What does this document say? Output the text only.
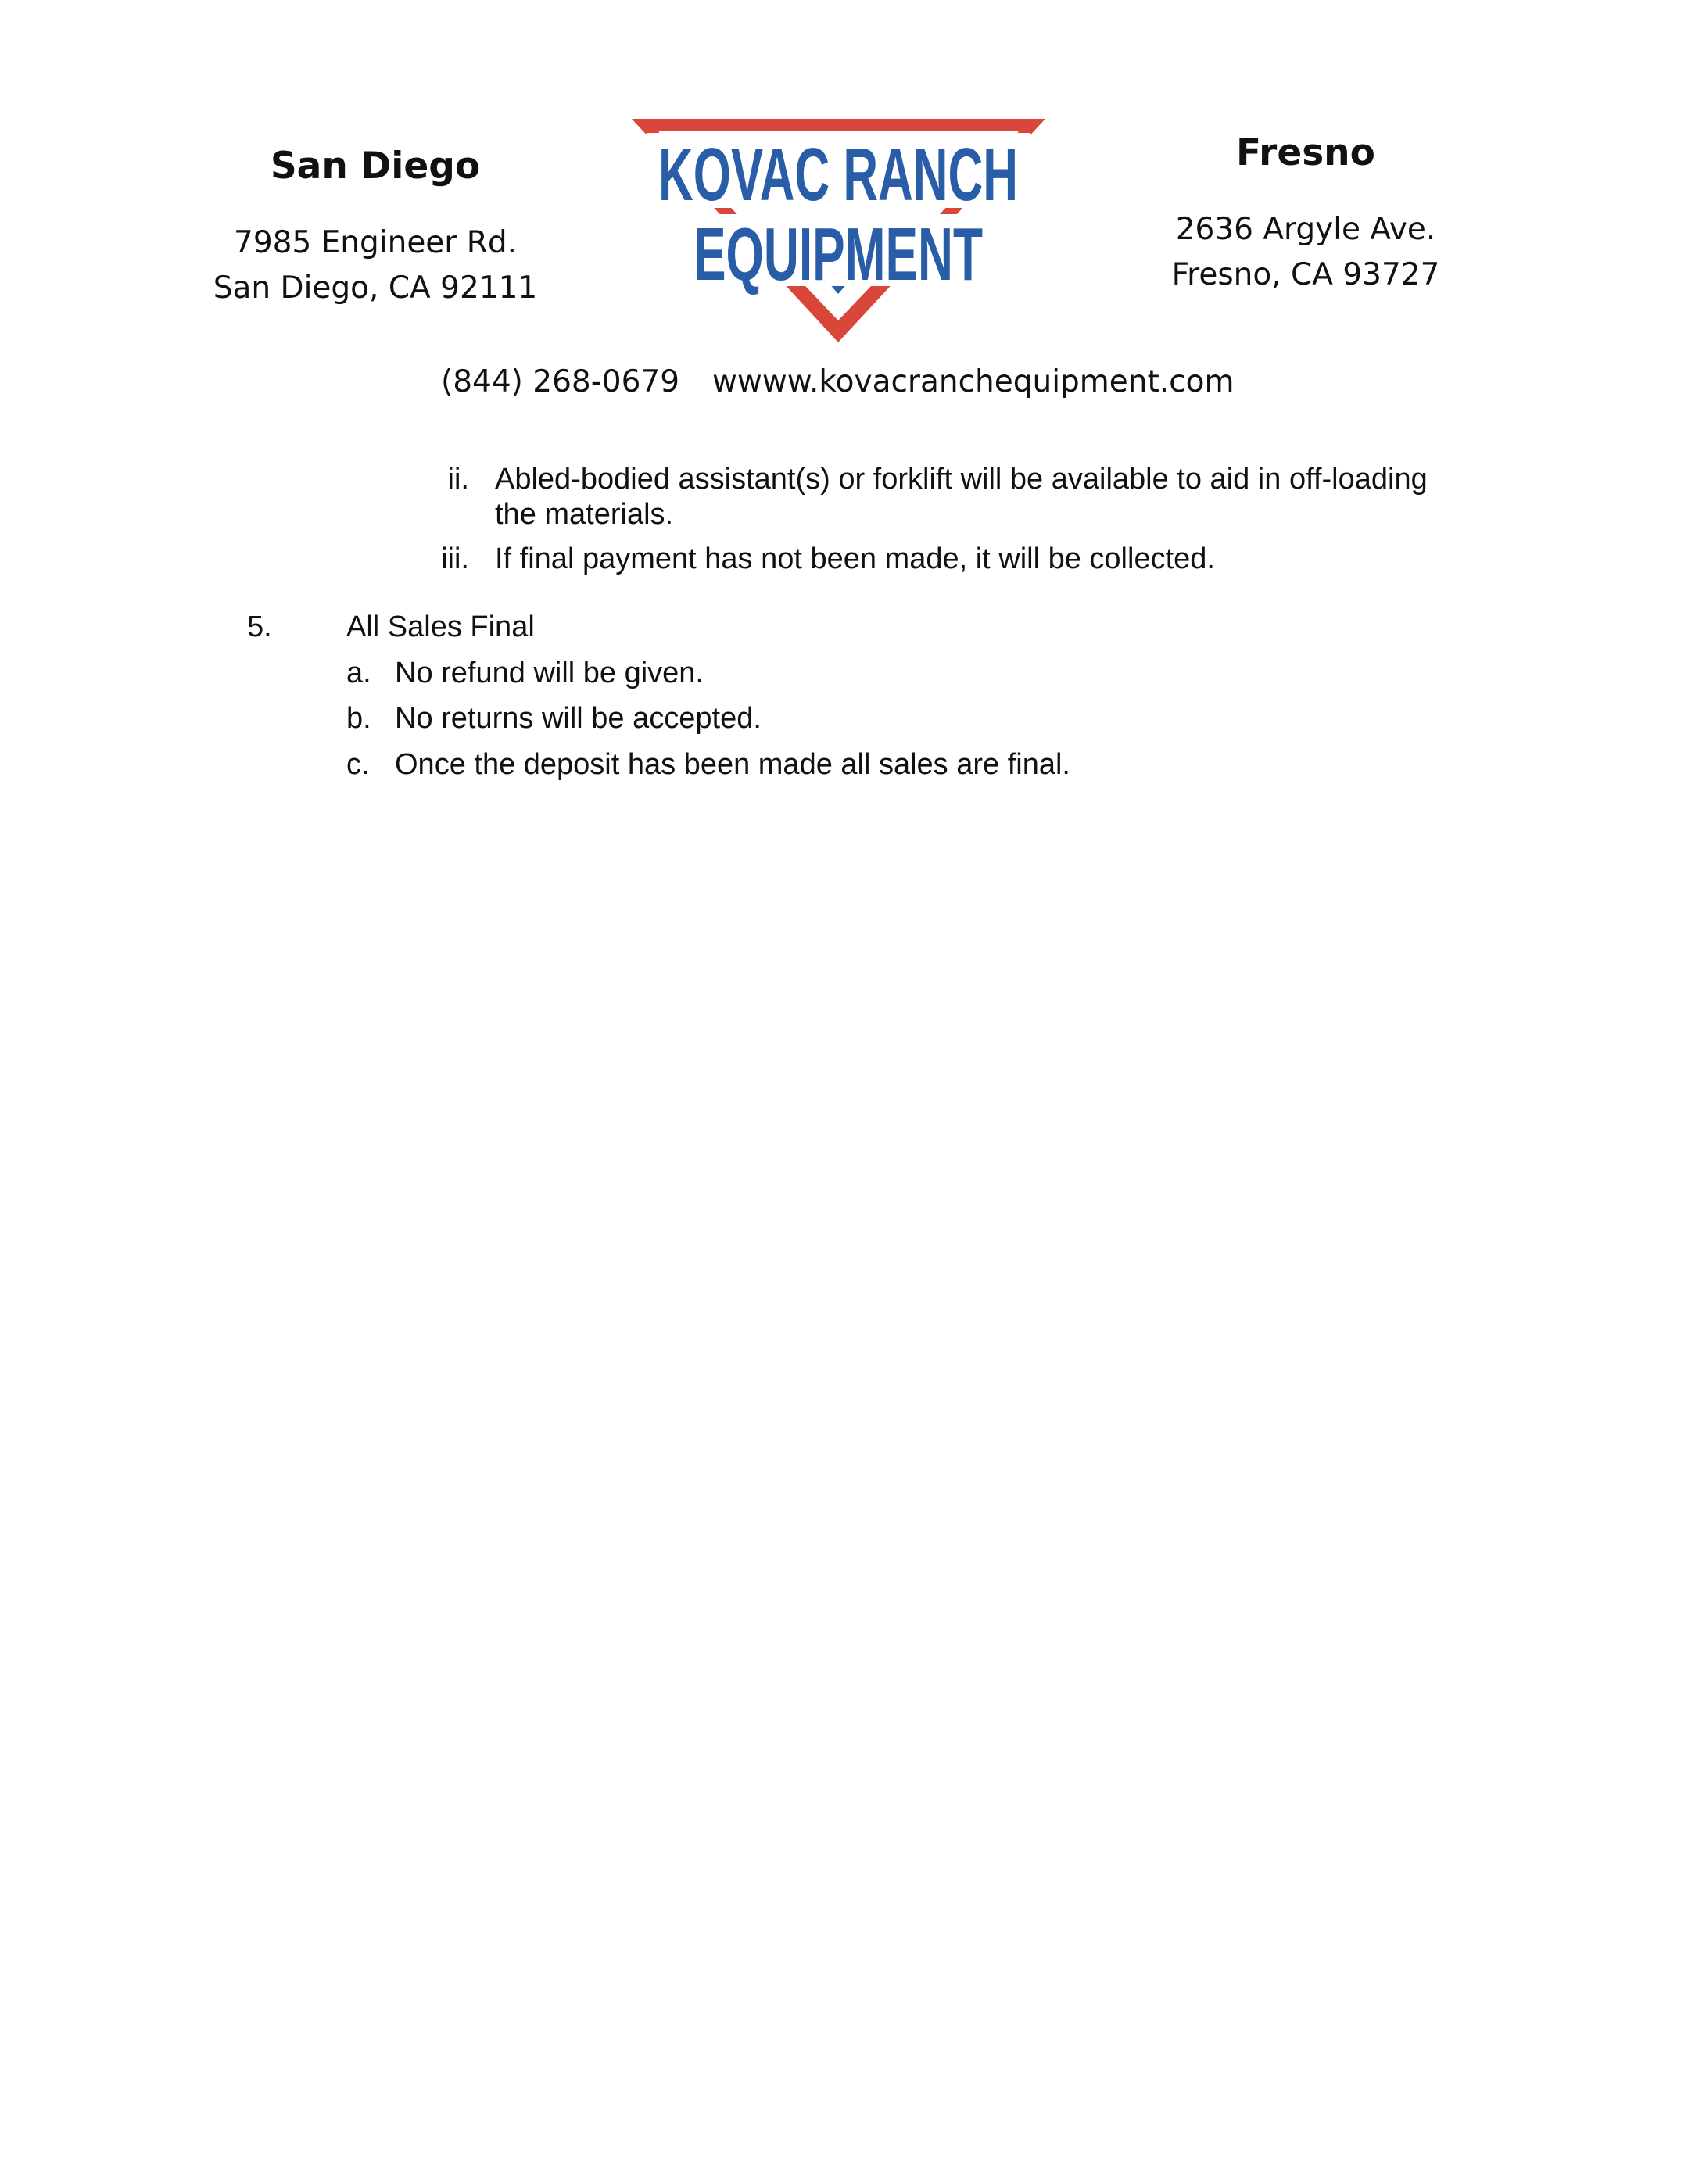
San Diego
7985 Engineer Rd.
San Diego, CA 92111
KOVAC RANCH
EQUIPMENT
Fresno
2636 Argyle Ave.
Fresno, CA 93727
(844) 268-0679 wwww.kovacranchequipment.com
ii. Abled-bodied assistant(s) or forklift will be available to aid in off-loading
the materials.
iii. If final payment has not been made, it will be collected.
5.	All Sales Final
a. No refund will be given.
b. No returns will be accepted.
c. Once the deposit has been made all sales are final.
